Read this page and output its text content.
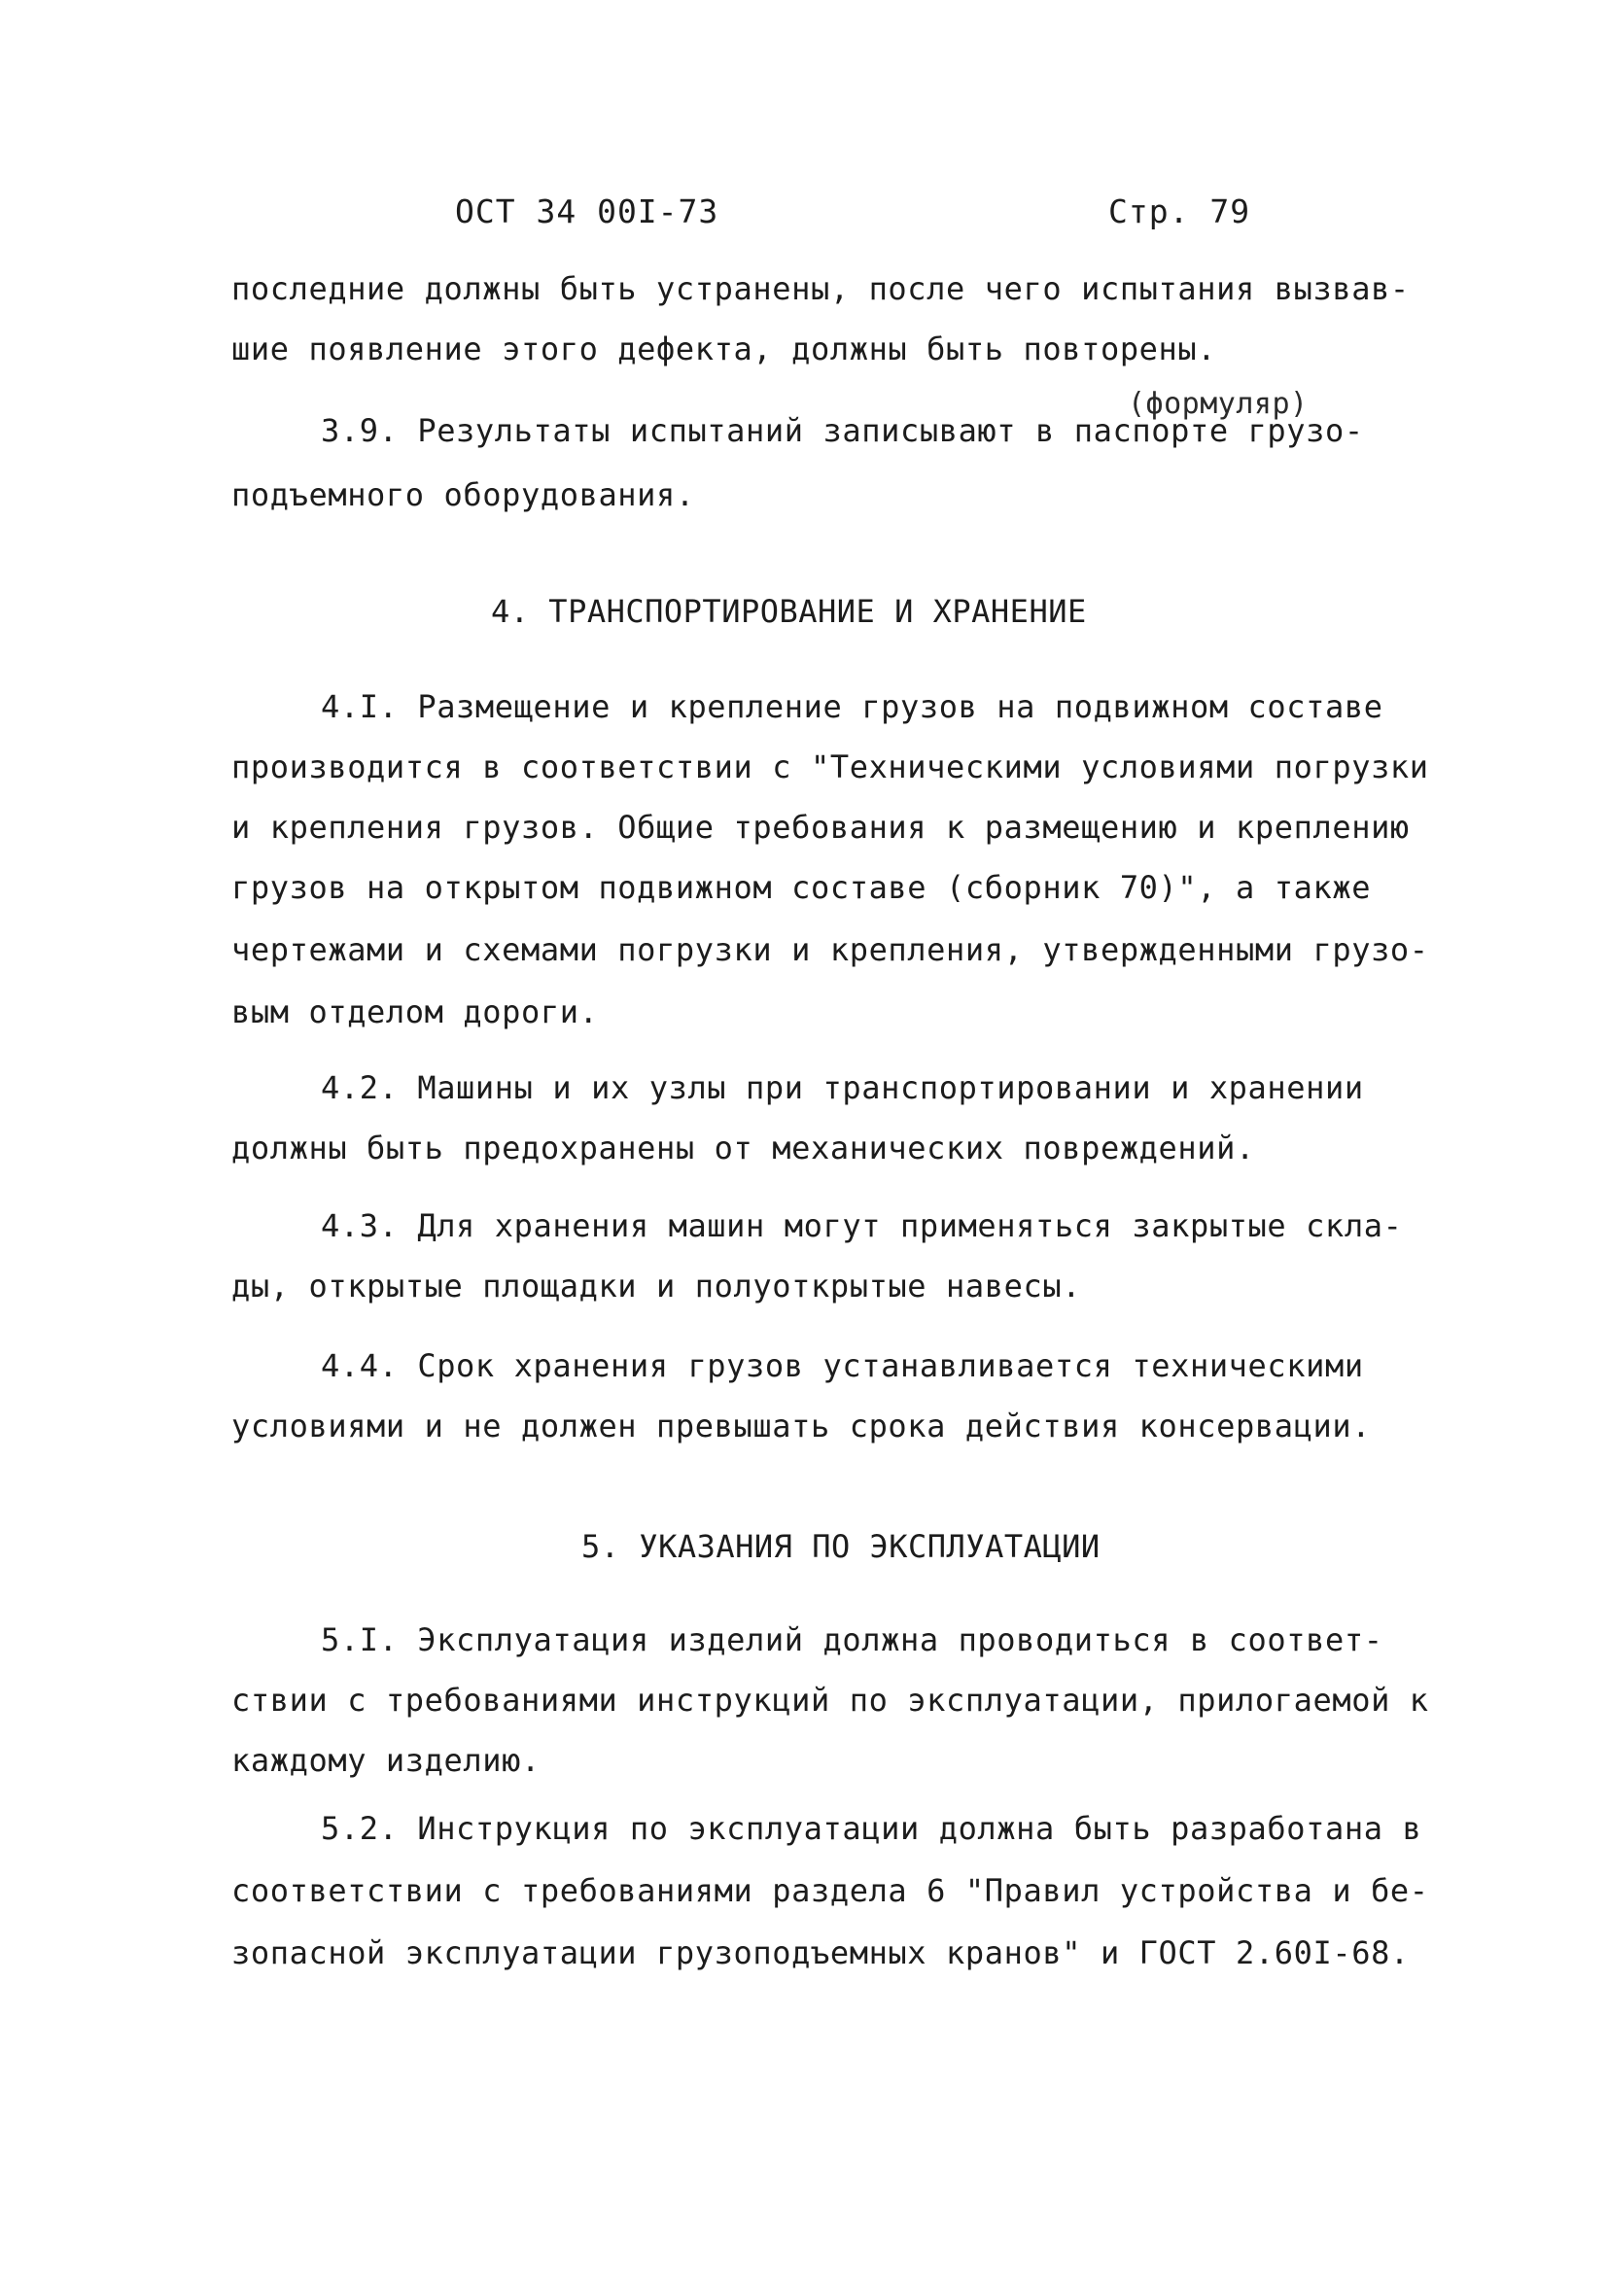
ОСТ 34 00I-73	Стр. 79
последние должны быть устранены, после чего испытания вызвав-
шие появление этого дефекта, должны быть повторены.
(формуляр)
3.9. Результаты испытаний записывают в паспорте грузо-
подъемного оборудования.
4. ТРАНСПОРТИРОВАНИЕ И ХРАНЕНИЕ
4.I. Размещение и крепление грузов на подвижном составе
производится в соответствии с "Техническими условиями погрузки
и крепления грузов. Общие требования к размещению и креплению
грузов на открытом подвижном составе (сборник 70)", а также
чертежами и схемами погрузки и крепления, утвержденными грузо-
вым отделом дороги.
4.2. Машины и их узлы при транспортировании и хранении
должны быть предохранены от механических повреждений.
4.3. Для хранения машин могут применяться закрытые скла-
ды, открытые площадки и полуоткрытые навесы.
4.4. Срок хранения грузов устанавливается техническими
условиями и не должен превышать срока действия консервации.
5. УКАЗАНИЯ ПО ЭКСПЛУАТАЦИИ
5.I. Эксплуатация изделий должна проводиться в соответ-
ствии с требованиями инструкций по эксплуатации, прилогаемой к
каждому изделию.
5.2. Инструкция по эксплуатации должна быть разработана в
соответствии с требованиями раздела 6 "Правил устройства и бе-
зопасной эксплуатации грузоподъемных кранов" и ГОСТ 2.60I-68.
